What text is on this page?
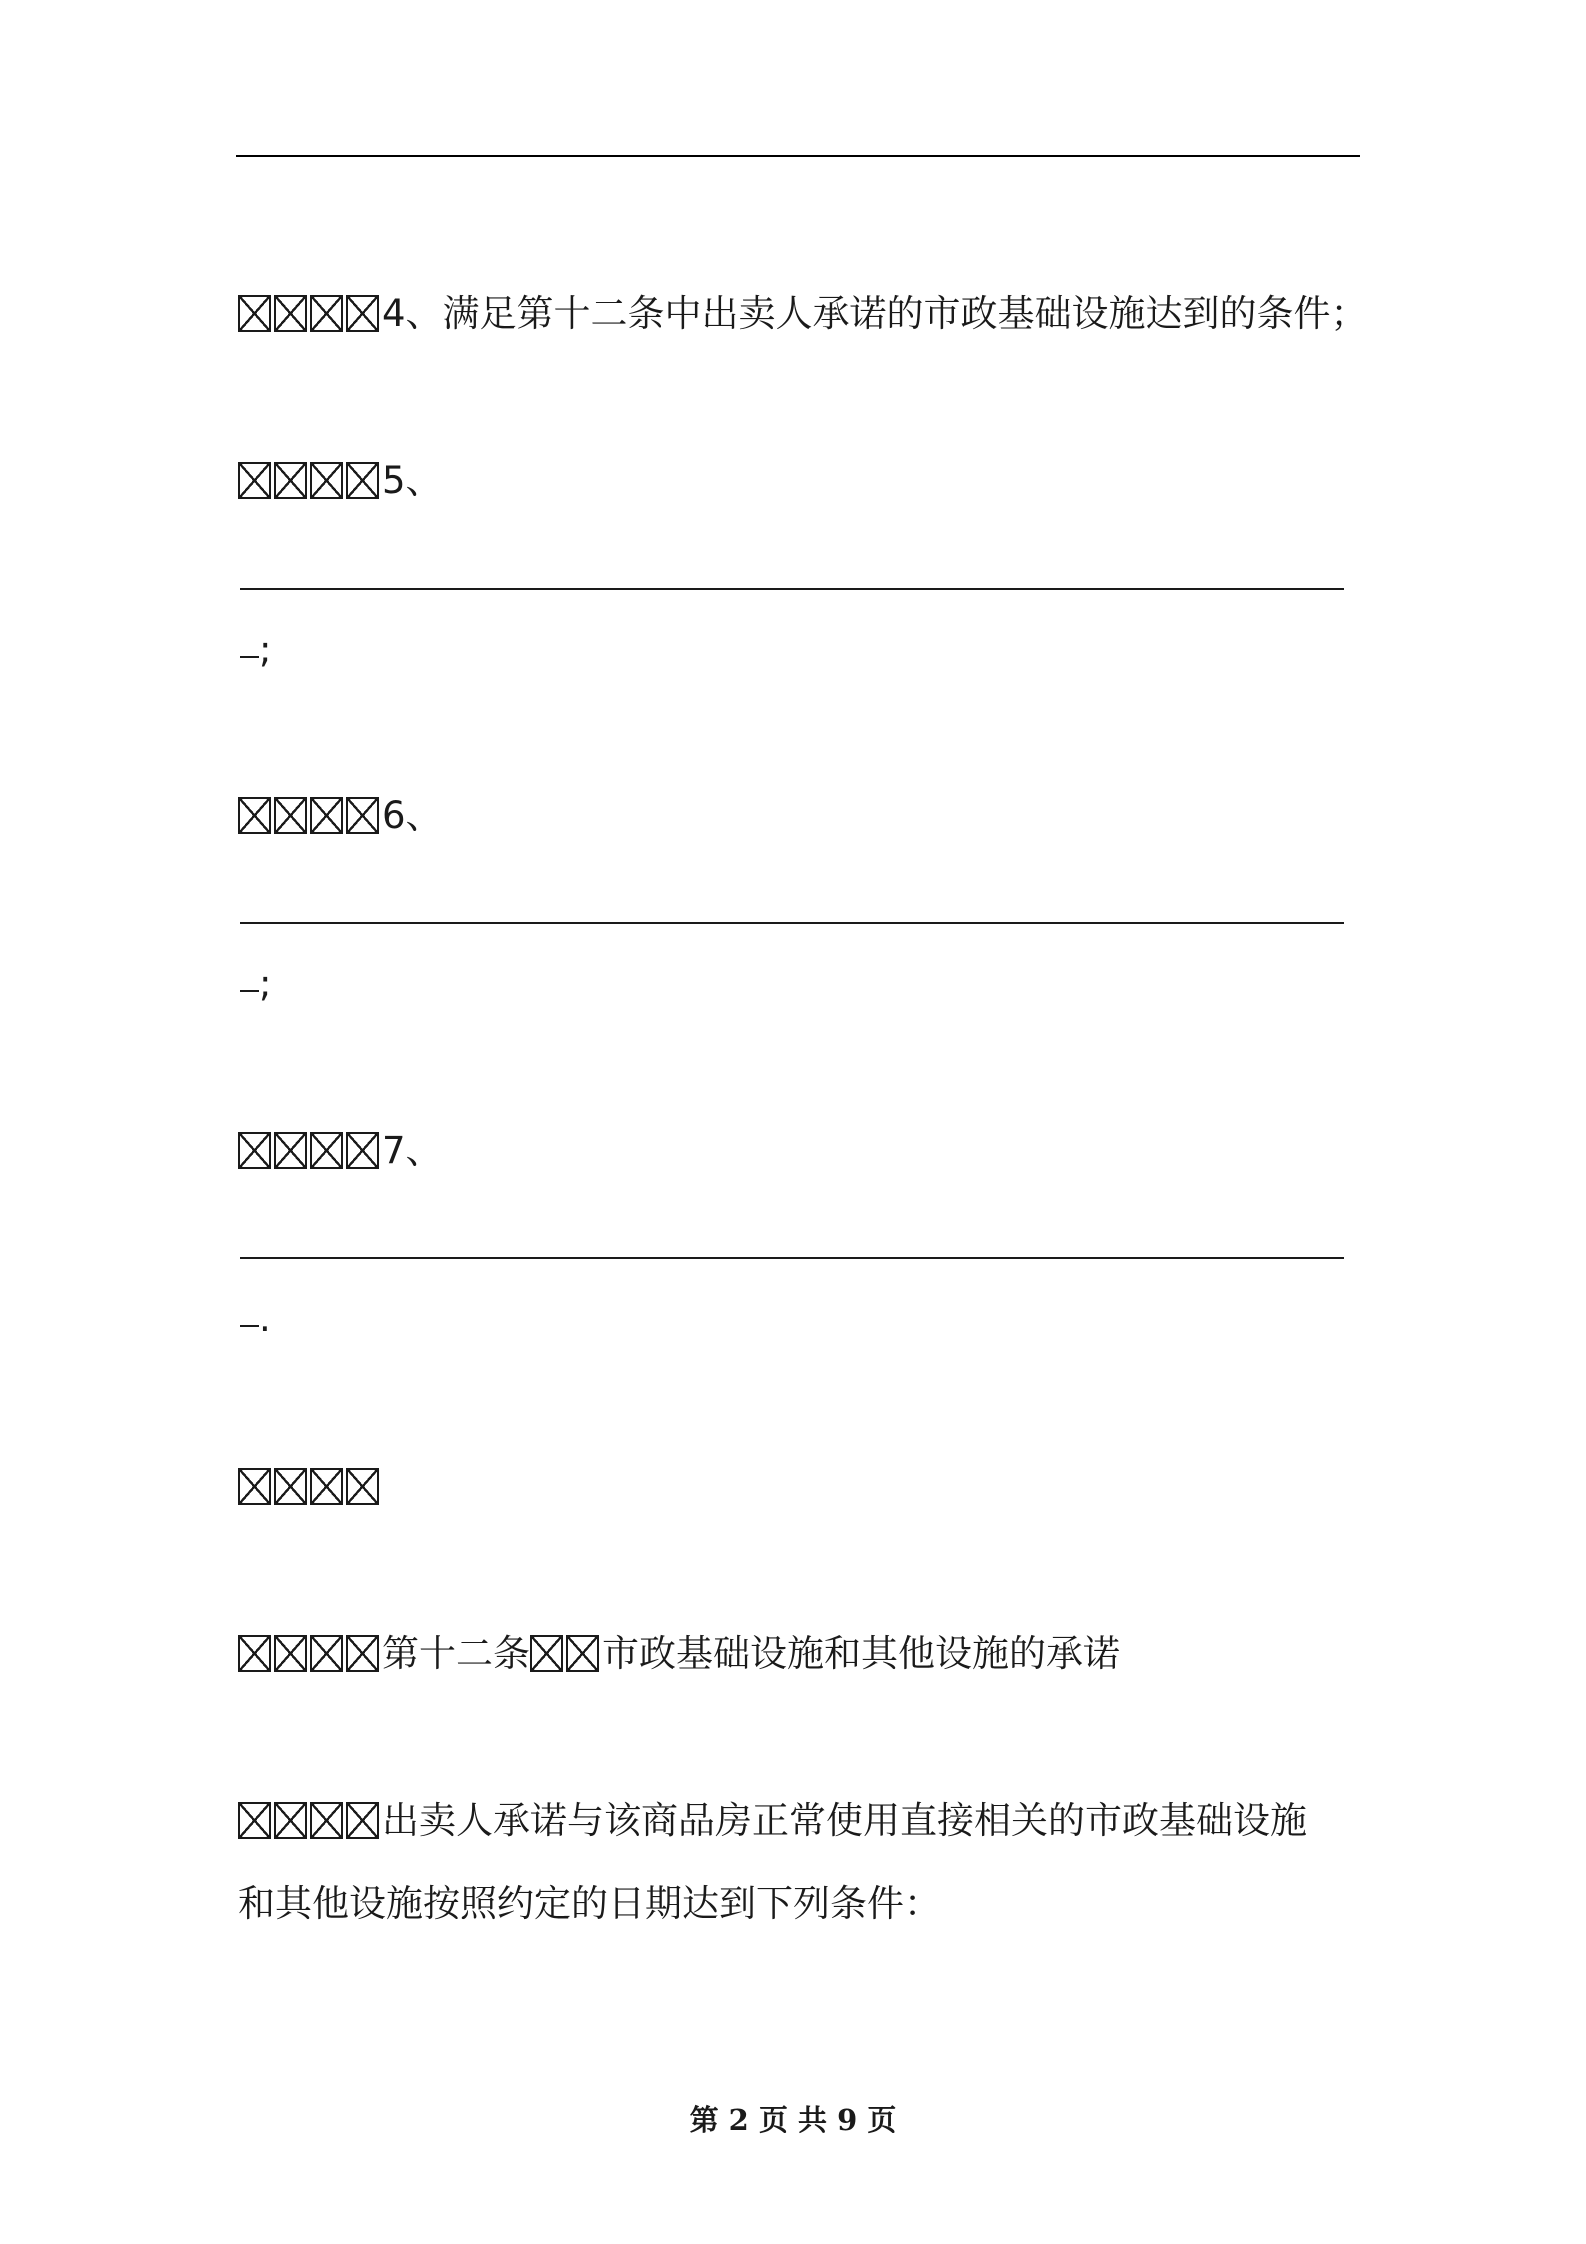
4、满足第十二条中出卖人承诺的市政基础设施达到的条件；
5、
;
6、
;
7、
.
第十二条 市政基础设施和其他设施的承诺
出卖人承诺与该商品房正常使用直接相关的市政基础设施
和其他设施按照约定的日期达到下列条件：
第 2 页 共 9 页
